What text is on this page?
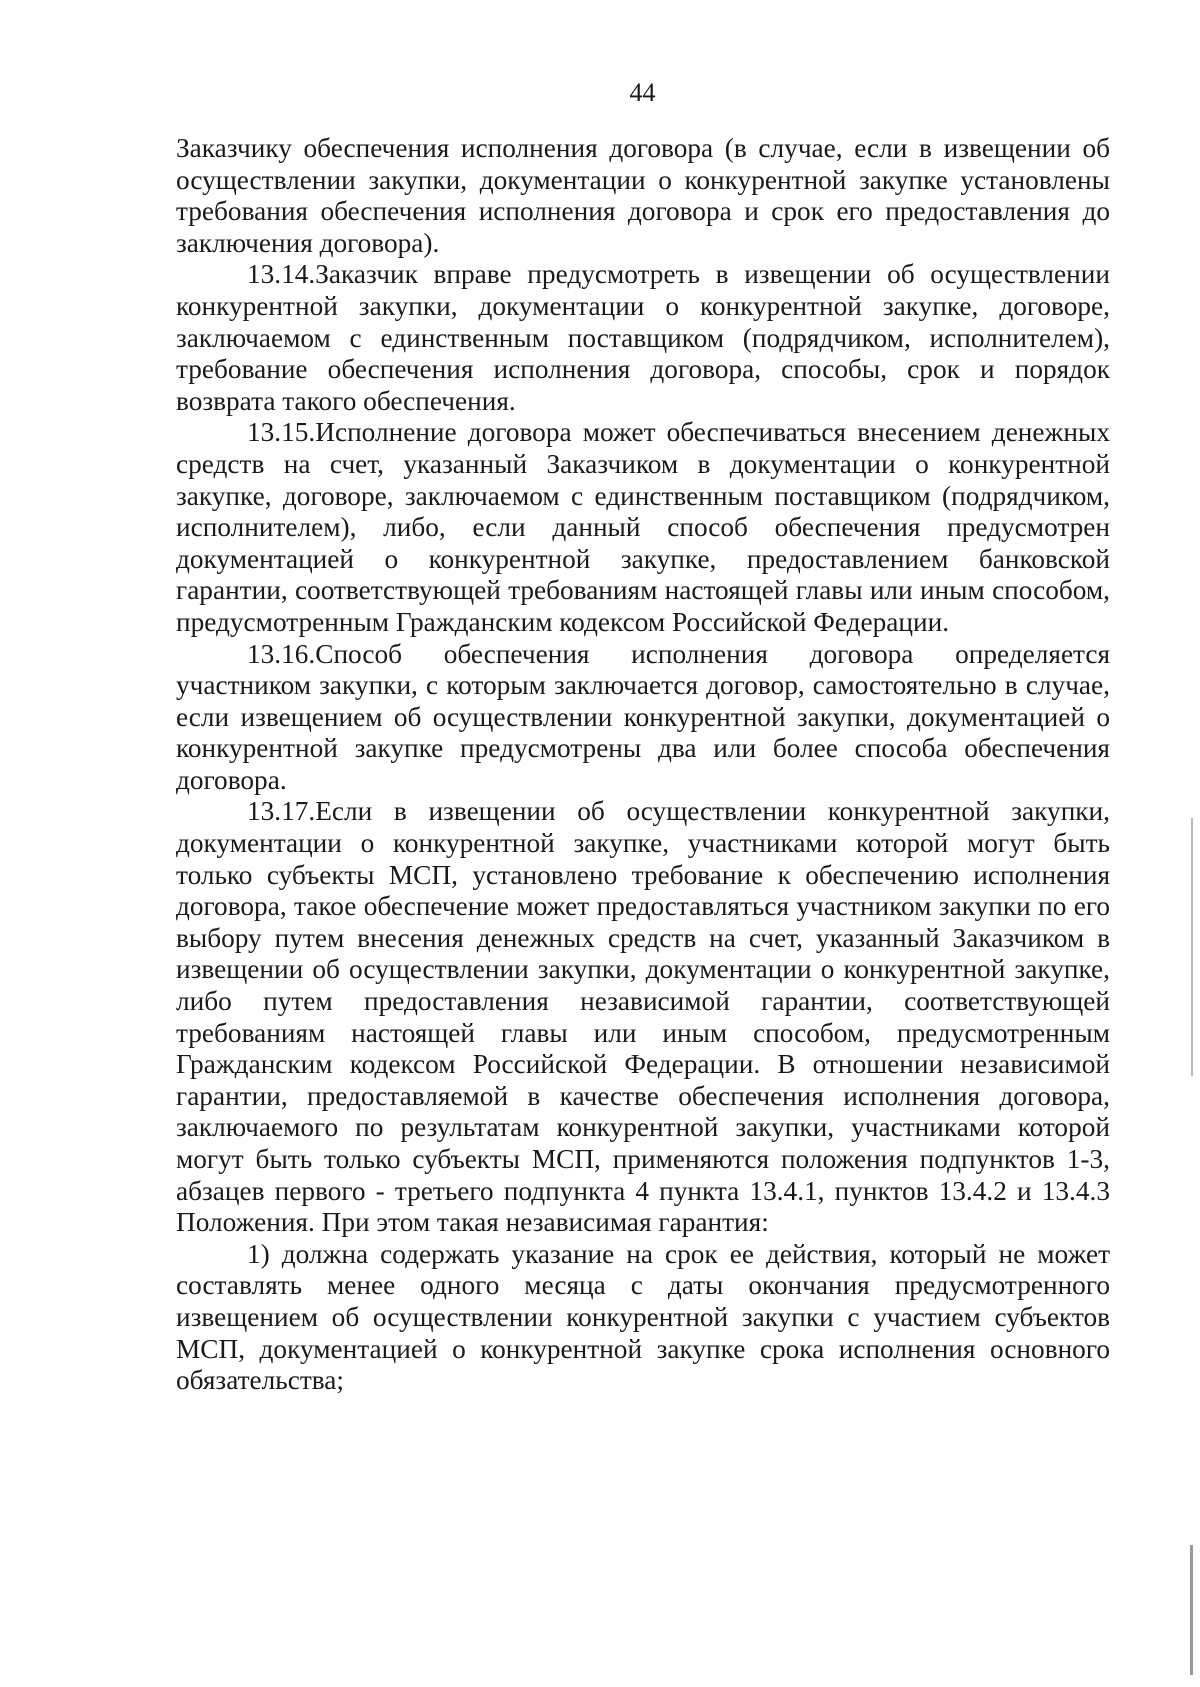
44

Заказчику обеспечения исполнения договора (в случае, если в извещении об осуществлении закупки, документации о конкурентной закупке установлены требования обеспечения исполнения договора и срок его предоставления до заключения договора).

13.14.Заказчик вправе предусмотреть в извещении об осуществлении конкурентной закупки, документации о конкурентной закупке, договоре, заключаемом с единственным поставщиком (подрядчиком, исполнителем), требование обеспечения исполнения договора, способы, срок и порядок возврата такого обеспечения.

13.15.Исполнение договора может обеспечиваться внесением денежных средств на счет, указанный Заказчиком в документации о конкурентной закупке, договоре, заключаемом с единственным поставщиком (подрядчиком, исполнителем), либо, если данный способ обеспечения предусмотрен документацией о конкурентной закупке, предоставлением банковской гарантии, соответствующей требованиям настоящей главы или иным способом, предусмотренным Гражданским кодексом Российской Федерации.

13.16.Способ обеспечения исполнения договора определяется участником закупки, с которым заключается договор, самостоятельно в случае, если извещением об осуществлении конкурентной закупки, документацией о конкурентной закупке предусмотрены два или более способа обеспечения договора.

13.17.Если в извещении об осуществлении конкурентной закупки, документации о конкурентной закупке, участниками которой могут быть только субъекты МСП, установлено требование к обеспечению исполнения договора, такое обеспечение может предоставляться участником закупки по его выбору путем внесения денежных средств на счет, указанный Заказчиком в извещении об осуществлении закупки, документации о конкурентной закупке, либо путем предоставления независимой гарантии, соответствующей требованиям настоящей главы или иным способом, предусмотренным Гражданским кодексом Российской Федерации. В отношении независимой гарантии, предоставляемой в качестве обеспечения исполнения договора, заключаемого по результатам конкурентной закупки, участниками которой могут быть только субъекты МСП, применяются положения подпунктов 1-3, абзацев первого - третьего подпункта 4 пункта 13.4.1, пунктов 13.4.2 и 13.4.3 Положения. При этом такая независимая гарантия:

1) должна содержать указание на срок ее действия, который не может составлять менее одного месяца с даты окончания предусмотренного извещением об осуществлении конкурентной закупки с участием субъектов МСП, документацией о конкурентной закупке срока исполнения основного обязательства;
